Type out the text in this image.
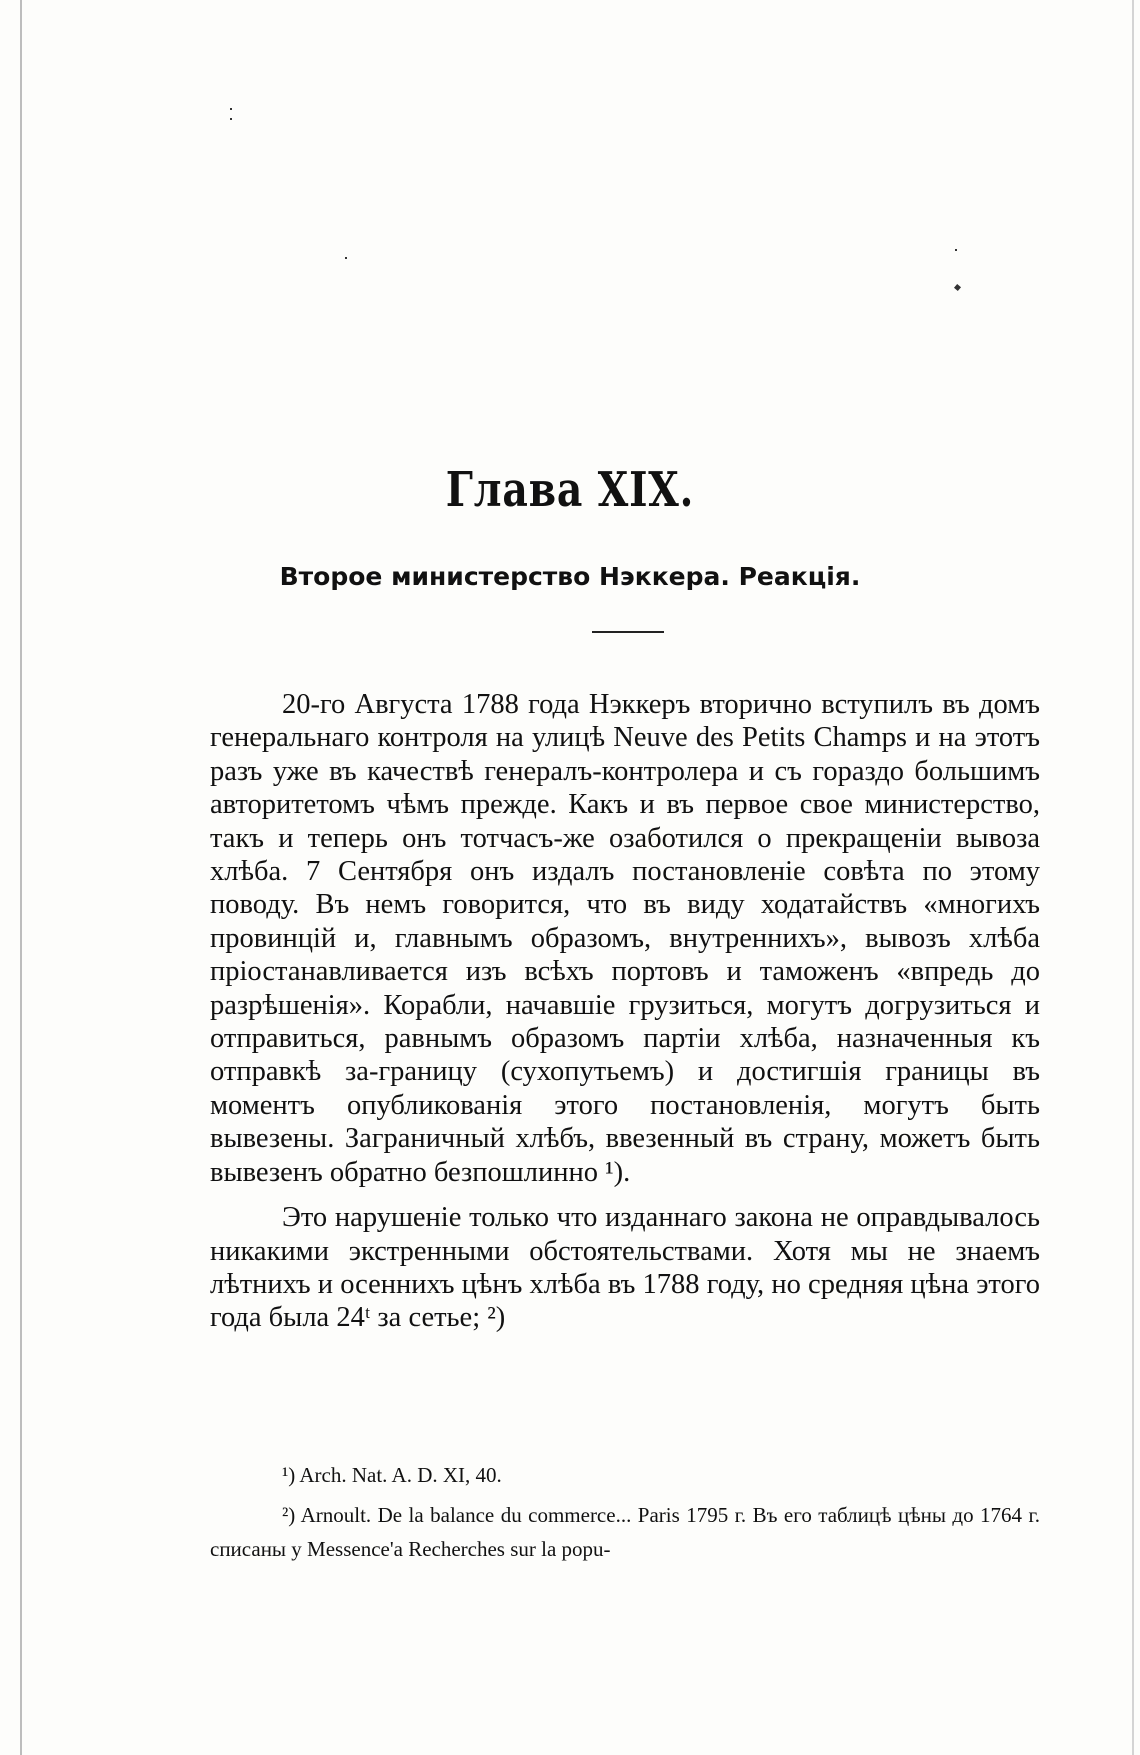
Глава XIX.
Второе министерство Нэккера. Реакція.

20-го Августа 1788 года Нэккеръ вторично вступилъ въ домъ генеральнаго контроля на улицѣ Neuve des Petits Champs и на этотъ разъ уже въ качествѣ генералъ-контролера и съ гораздо большимъ авторитетомъ чѣмъ прежде. Какъ и въ первое свое министерство, такъ и теперь онъ тотчасъ-же озаботился о прекращеніи вывоза хлѣба. 7 Сентября онъ издалъ постановленіе совѣта по этому поводу. Въ немъ говорится, что въ виду ходатайствъ «многихъ провинцій и, главнымъ образомъ, внутреннихъ», вывозъ хлѣба пріостанавливается изъ всѣхъ портовъ и таможенъ «впредь до разрѣшенія». Корабли, начавшіе грузиться, могутъ догрузиться и отправиться, равнымъ образомъ партіи хлѣба, назначенныя къ отправкѣ за-границу (сухопутьемъ) и достигшія границы въ моментъ опубликованія этого постановленія, могутъ быть вывезены. Заграничный хлѣбъ, ввезенный въ страну, можетъ быть вывезенъ обратно безпошлинно ¹).

Это нарушеніе только что изданнаго закона не оправдывалось никакими экстренными обстоятельствами. Хотя мы не знаемъ лѣтнихъ и осеннихъ цѣнъ хлѣба въ 1788 году, но средняя цѣна этого года была 24ᵗ за сетье; ²)

¹) Arch. Nat. A. D. XI, 40.

²) Arnoult. De la balance du commerce... Paris 1795 г. Въ его таблицѣ цѣны до 1764 г. списаны у Messence'a Recherches sur la popu-
